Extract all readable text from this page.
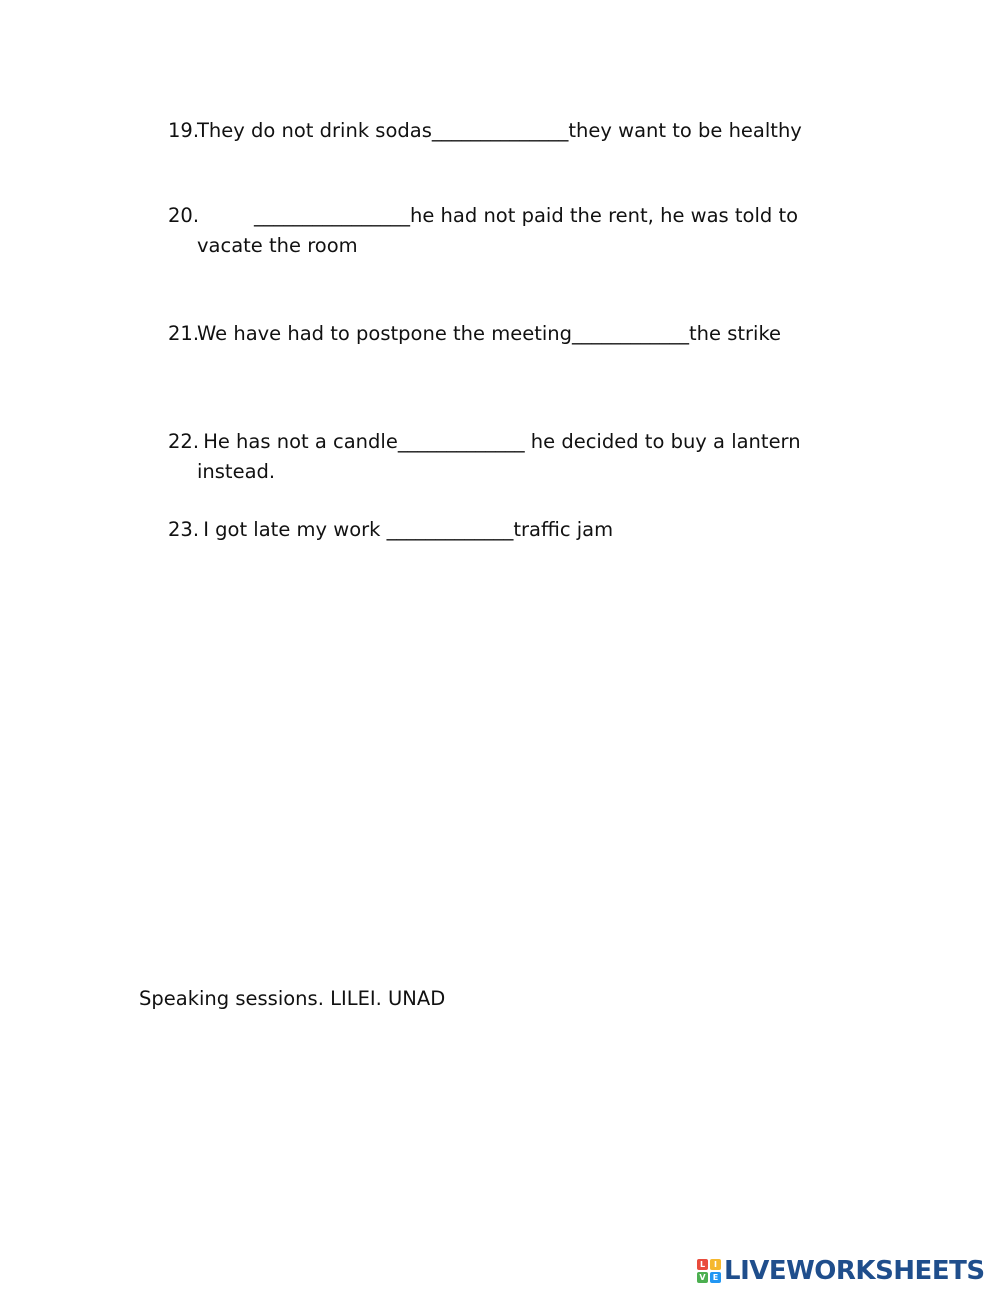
19.They do not drink sodas______________they want to be healthy
20.	________________he had not paid the rent, he was told to
vacate the room
21.We have had to postpone the meeting____________the strike
22. He has not a candle_____________ he decided to buy a lantern
instead.
23. I got late my work _____________traffic jam
Speaking sessions. LILEI. UNAD
L	I
V E LIVEWORKSHEETS
